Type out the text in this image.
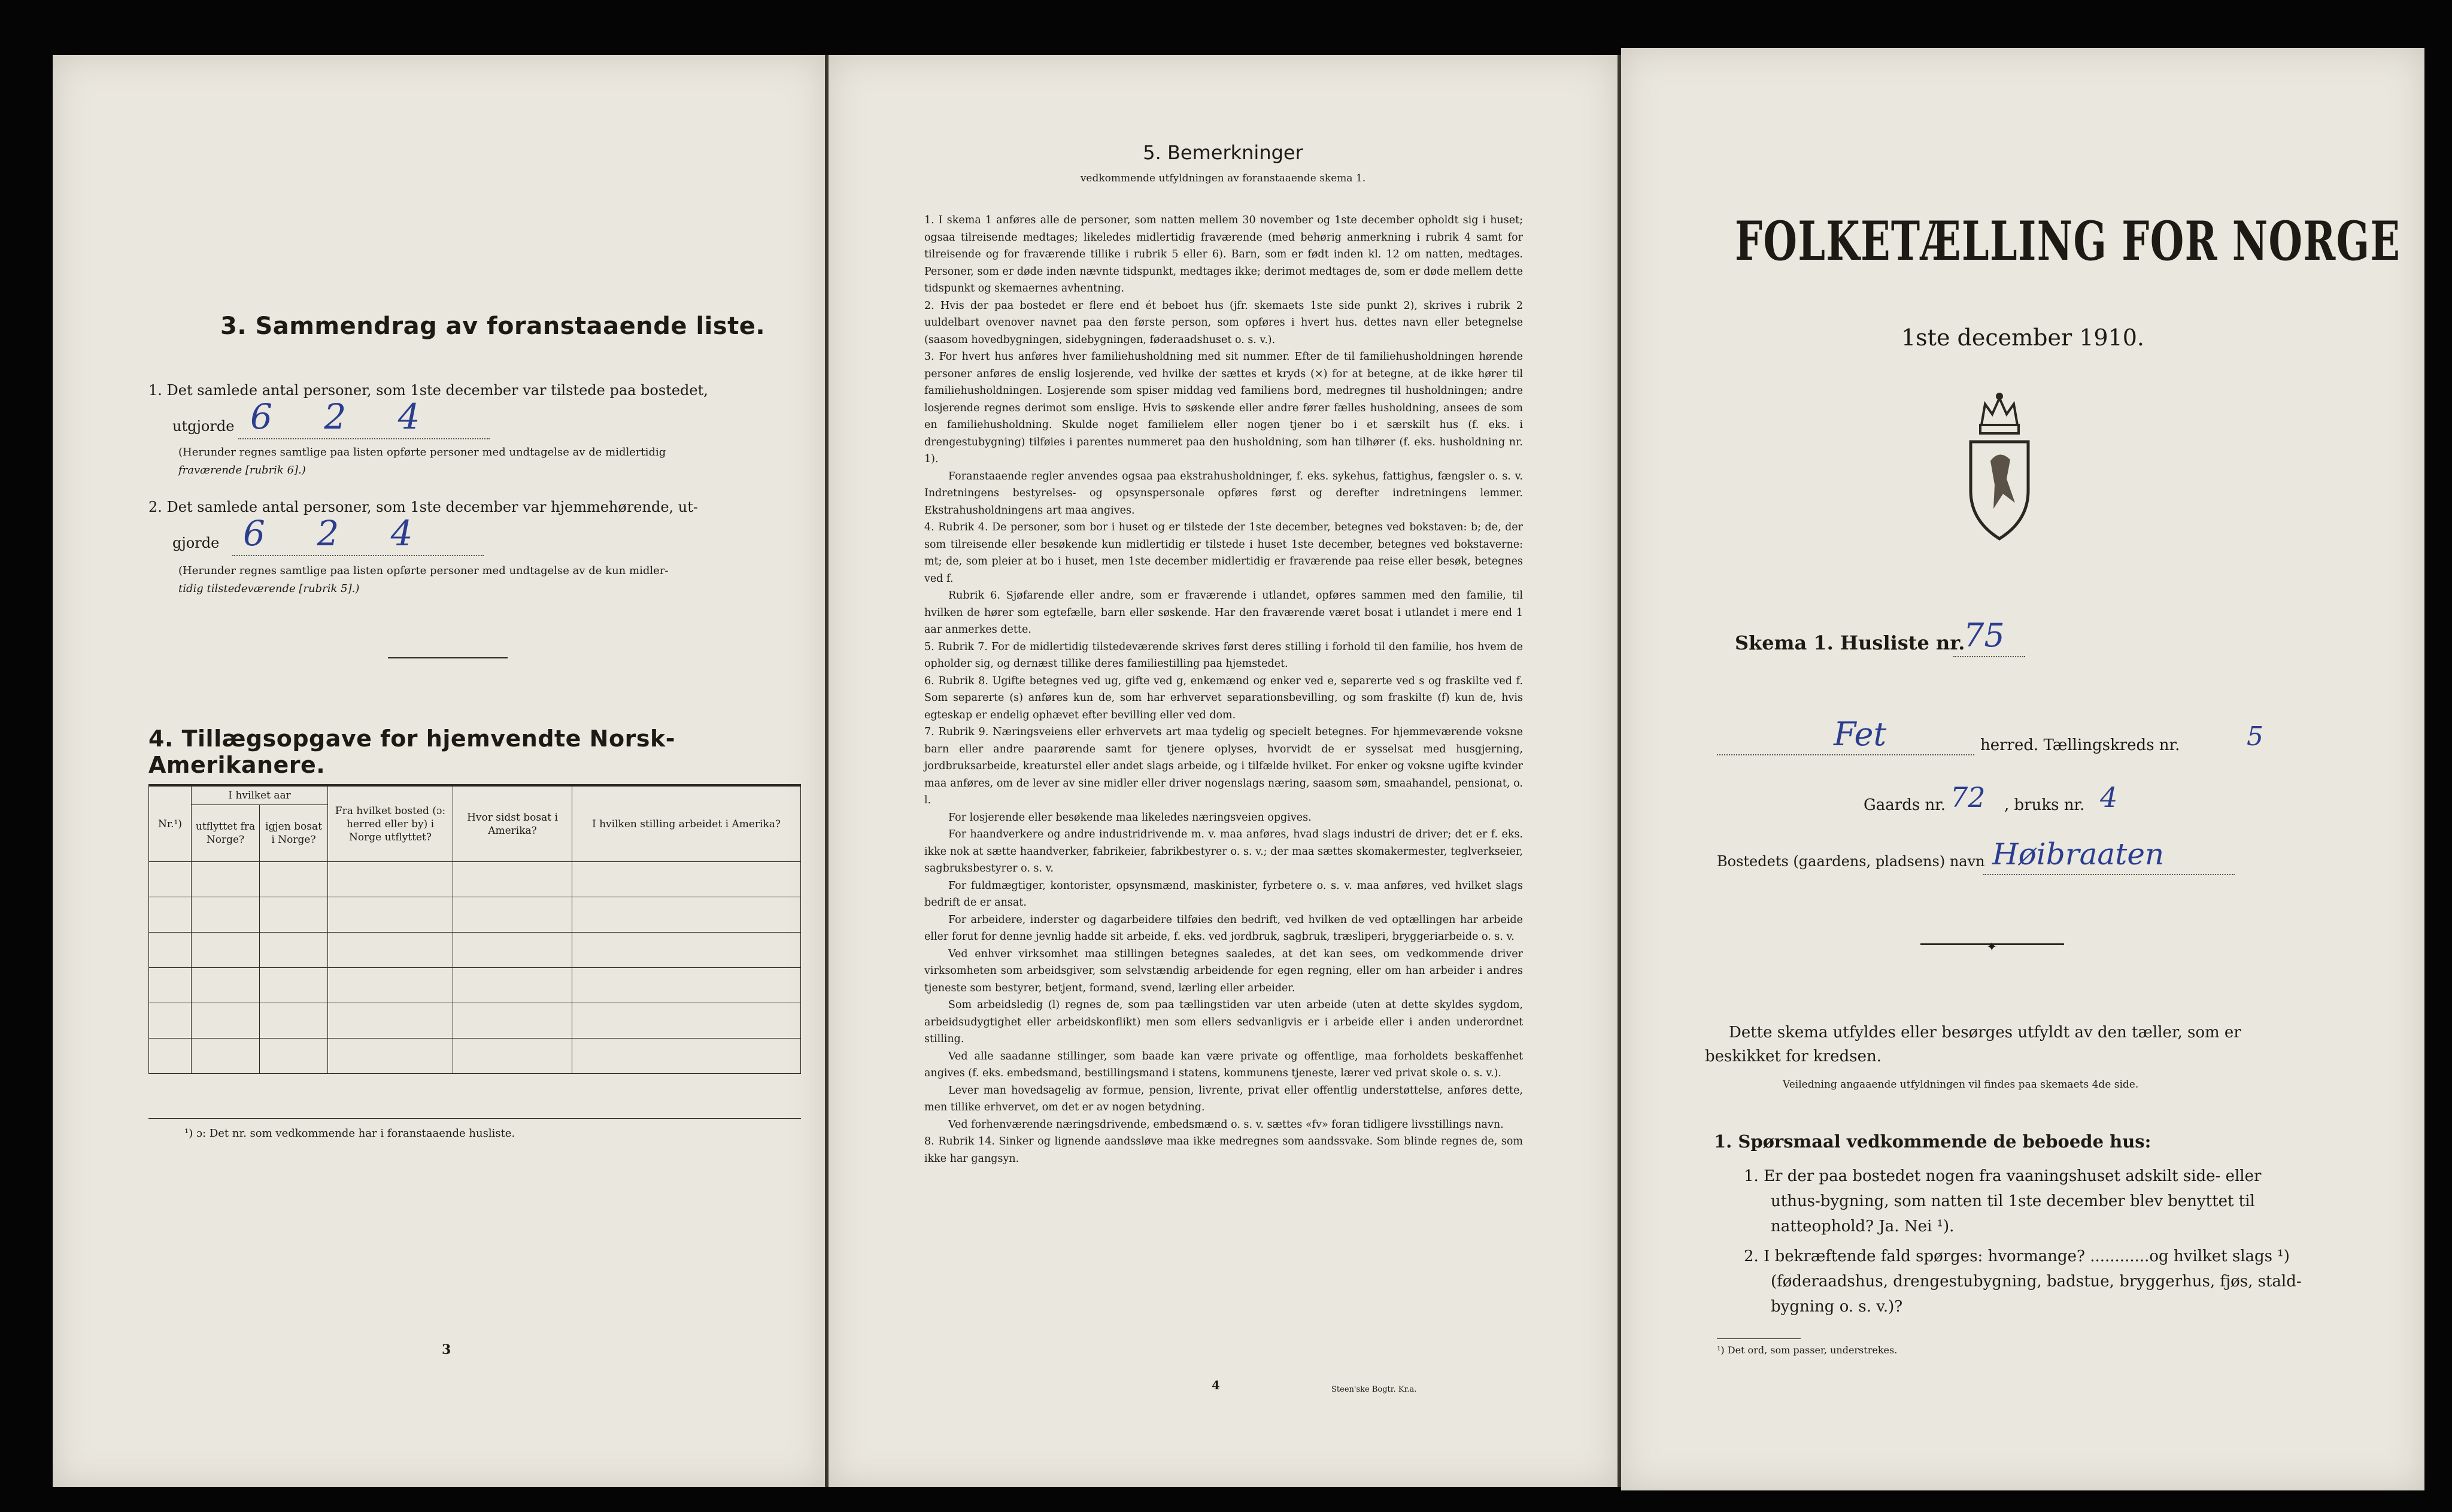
3. Sammendrag av foranstaaende liste.
1. Det samlede antal personer, som 1ste december var tilstede paa bostedet,
utgjorde 6 2 4
(Herunder regnes samtlige paa listen opførte personer med undtagelse av de midlertidig
fraværende [rubrik 6].)
2. Det samlede antal personer, som 1ste december var hjemmehørende, ut-
gjorde 6 2 4
(Herunder regnes samtlige paa listen opførte personer med undtagelse av de kun midler-
tidig tilstedeværende [rubrik 5].)
4. Tillægsopgave for hjemvendte Norsk-Amerikanere.
Nr.¹)	I hvilket aar		Fra hvilket bosted (ɔ: herred eller by) i Norge utflyttet?	Hvor sidst bosat i Amerika?	I hvilken stilling arbeidet i Amerika?
	utflyttet fra Norge?	igjen bosat i Norge?			

¹) ɔ: Det nr. som vedkommende har i foranstaaende husliste.
3
5. Bemerkninger
vedkommende utfyldningen av foranstaaende skema 1.

1. I skema 1 anføres alle de personer, som natten mellem 30 november og 1ste december opholdt sig i huset; ogsaa tilreisende medtages; likeledes midlertidig fraværende (med behørig anmerkning i rubrik 4 samt for tilreisende og for fraværende tillike i rubrik 5 eller 6). Barn, som er født inden kl. 12 om natten, medtages. Personer, som er døde inden nævnte tidspunkt, medtages ikke; derimot medtages de, som er døde mellem dette tidspunkt og skemaernes avhentning.

2. Hvis der paa bostedet er flere end ét beboet hus (jfr. skemaets 1ste side punkt 2), skrives i rubrik 2 uuldelbart ovenover navnet paa den første person, som opføres i hvert hus. dettes navn eller betegnelse (saasom hovedbygningen, sidebygningen, føderaadshuset o. s. v.).

3. For hvert hus anføres hver familiehusholdning med sit nummer. Efter de til familiehusholdningen hørende personer anføres de enslig losjerende, ved hvilke der sættes et kryds (×) for at betegne, at de ikke hører til familiehusholdningen. Losjerende som spiser middag ved familiens bord, medregnes til husholdningen; andre losjerende regnes derimot som enslige. Hvis to søskende eller andre fører fælles husholdning, ansees de som en familiehusholdning. Skulde noget familielem eller nogen tjener bo i et særskilt hus (f. eks. i drengestubygning) tilføies i parentes nummeret paa den husholdning, som han tilhører (f. eks. husholdning nr. 1).

Foranstaaende regler anvendes ogsaa paa ekstrahusholdninger, f. eks. sykehus, fattighus, fængsler o. s. v. Indretningens bestyrelses- og opsynspersonale opføres først og derefter indretningens lemmer. Ekstrahusholdningens art maa angives.

4. Rubrik 4. De personer, som bor i huset og er tilstede der 1ste december, betegnes ved bokstaven: b; de, der som tilreisende eller besøkende kun midlertidig er tilstede i huset 1ste december, betegnes ved bokstaverne: mt; de, som pleier at bo i huset, men 1ste december midlertidig er fraværende paa reise eller besøk, betegnes ved f.

Rubrik 6. Sjøfarende eller andre, som er fraværende i utlandet, opføres sammen med den familie, til hvilken de hører som egtefælle, barn eller søskende. Har den fraværende været bosat i utlandet i mere end 1 aar anmerkes dette.

5. Rubrik 7. For de midlertidig tilstedeværende skrives først deres stilling i forhold til den familie, hos hvem de opholder sig, og dernæst tillike deres familiestilling paa hjemstedet.

6. Rubrik 8. Ugifte betegnes ved ug, gifte ved g, enkemænd og enker ved e, separerte ved s og fraskilte ved f. Som separerte (s) anføres kun de, som har erhvervet separationsbevilling, og som fraskilte (f) kun de, hvis egteskap er endelig ophævet efter bevilling eller ved dom.

7. Rubrik 9. Næringsveiens eller erhvervets art maa tydelig og specielt betegnes. For hjemmeværende voksne barn eller andre paarørende samt for tjenere oplyses, hvorvidt de er sysselsat med husgjerning, jordbruksarbeide, kreaturstel eller andet slags arbeide, og i tilfælde hvilket. For enker og voksne ugifte kvinder maa anføres, om de lever av sine midler eller driver nogenslags næring, saasom søm, smaahandel, pensionat, o. l.

For losjerende eller besøkende maa likeledes næringsveien opgives.

For haandverkere og andre industridrivende m. v. maa anføres, hvad slags industri de driver; det er f. eks. ikke nok at sætte haandverker, fabrikeier, fabrikbestyrer o. s. v.; der maa sættes skomakermester, teglverkseier, sagbruksbestyrer o. s. v.

For fuldmægtiger, kontorister, opsynsmænd, maskinister, fyrbetere o. s. v. maa anføres, ved hvilket slags bedrift de er ansat.

For arbeidere, inderster og dagarbeidere tilføies den bedrift, ved hvilken de ved optællingen har arbeide eller forut for denne jevnlig hadde sit arbeide, f. eks. ved jordbruk, sagbruk, træsliperi, bryggeriarbeide o. s. v.

Ved enhver virksomhet maa stillingen betegnes saaledes, at det kan sees, om vedkommende driver virksomheten som arbeidsgiver, som selvstændig arbeidende for egen regning, eller om han arbeider i andres tjeneste som bestyrer, betjent, formand, svend, lærling eller arbeider.

Som arbeidsledig (l) regnes de, som paa tællingstiden var uten arbeide (uten at dette skyldes sygdom, arbeidsudygtighet eller arbeidskonflikt) men som ellers sedvanligvis er i arbeide eller i anden underordnet stilling.

Ved alle saadanne stillinger, som baade kan være private og offentlige, maa forholdets beskaffenhet angives (f. eks. embedsmand, bestillingsmand i statens, kommunens tjeneste, lærer ved privat skole o. s. v.).

Lever man hovedsagelig av formue, pension, livrente, privat eller offentlig understøttelse, anføres dette, men tillike erhvervet, om det er av nogen betydning.

Ved forhenværende næringsdrivende, embedsmænd o. s. v. sættes «fv» foran tidligere livsstillings navn.

8. Rubrik 14. Sinker og lignende aandssløve maa ikke medregnes som aandssvake. Som blinde regnes de, som ikke har gangsyn.

4	Steen'ske Bogtr. Kr.a.
FOLKETÆLLING FOR NORGE
1ste december 1910.
Skema 1. Husliste nr.
75
Fet	herred. Tællingskreds nr.	5
Gaards nr. 72 , bruks nr. 4
Bostedets (gaardens, pladsens) navn Høibraaten
✦
Dette skema utfyldes eller besørges utfyldt av den tæller, som er
beskikket for kredsen.
Veiledning angaaende utfyldningen vil findes paa skemaets 4de side.
1. Spørsmaal vedkommende de beboede hus:
1. Er der paa bostedet nogen fra vaaningshuset adskilt side- eller
uthus-bygning, som natten til 1ste december blev benyttet til
natteophold? Ja. Nei ¹).
2. I bekræftende fald spørges: hvormange? ............og hvilket slags ¹)
(føderaadshus, drengestubygning, badstue, bryggerhus, fjøs, stald-
bygning o. s. v.)?
¹) Det ord, som passer, understrekes.
